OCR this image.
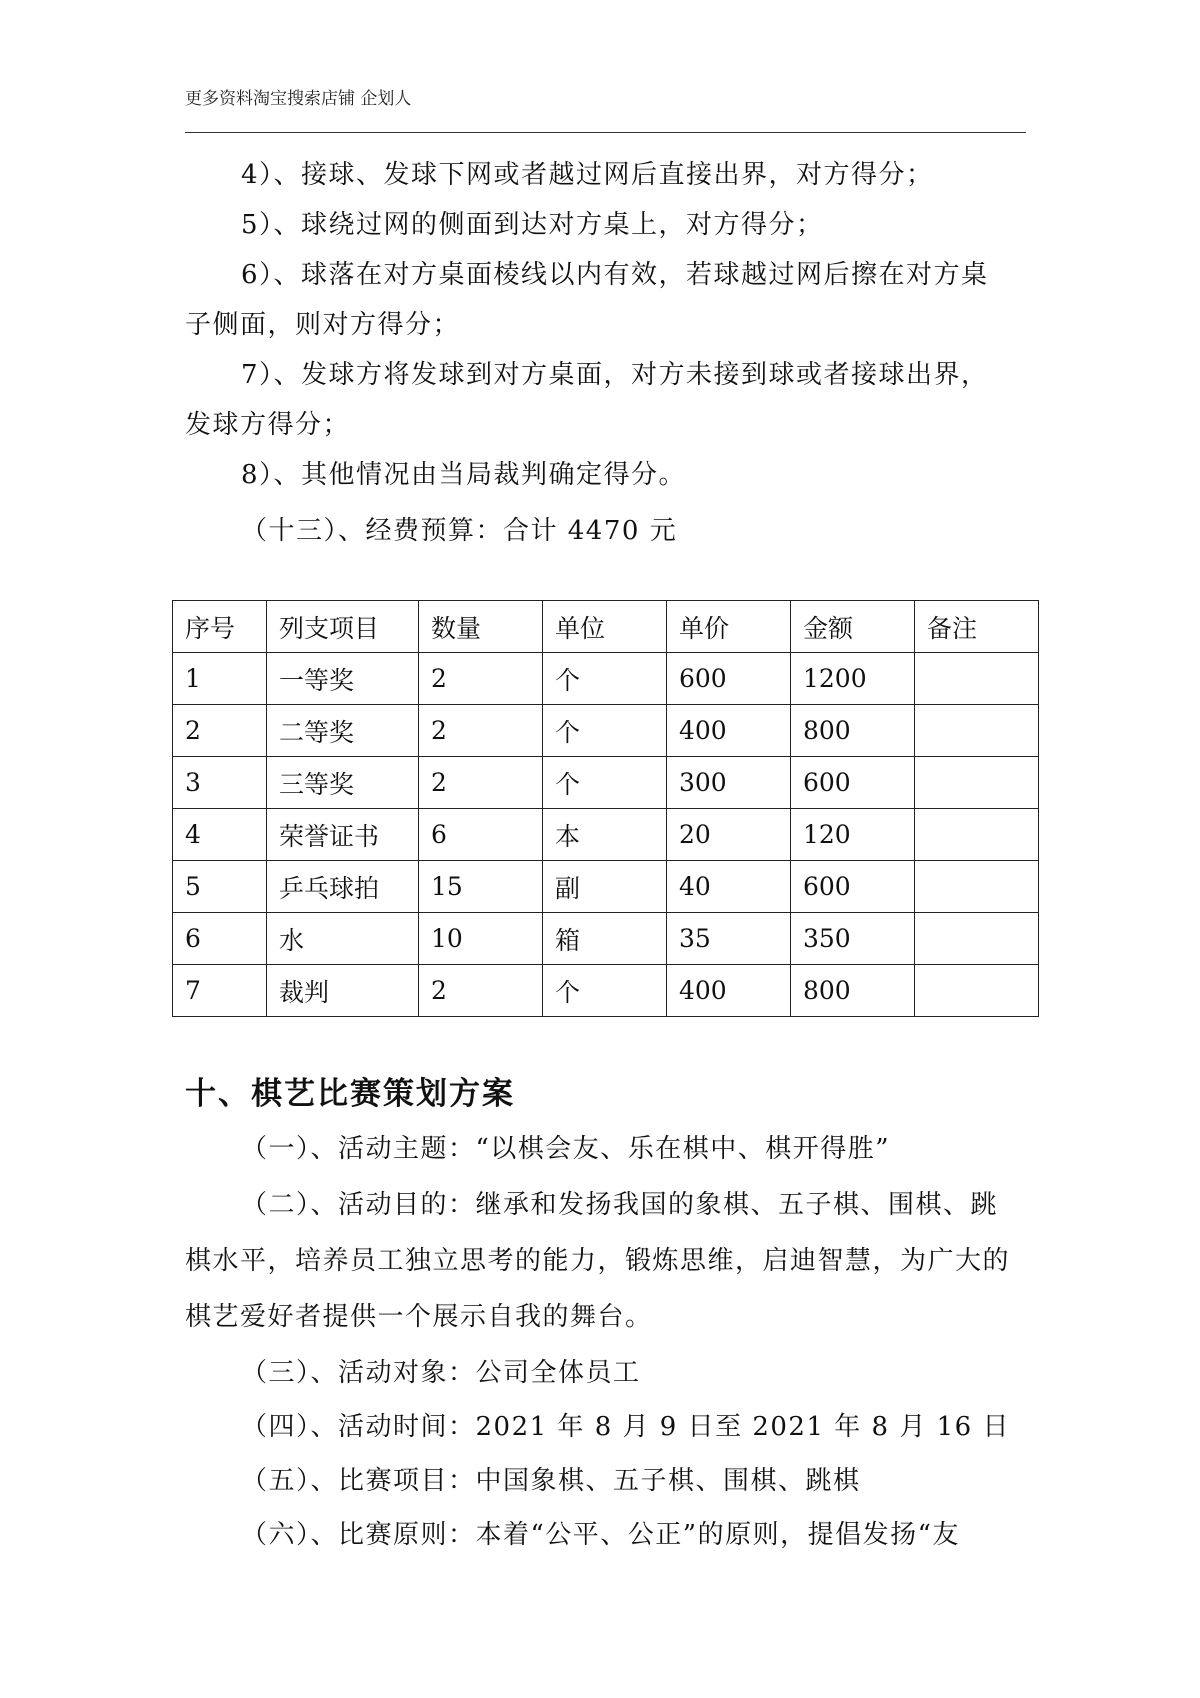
更多资料淘宝搜索店铺 企划人

4）、接球、发球下网或者越过网后直接出界，对方得分；

5）、球绕过网的侧面到达对方桌上，对方得分；

6）、球落在对方桌面棱线以内有效，若球越过网后擦在对方桌

子侧面，则对方得分；

7）、发球方将发球到对方桌面，对方未接到球或者接球出界，

发球方得分；

8）、其他情况由当局裁判确定得分。

（十三）、经费预算：合计 4470 元

序号	列支项目	数量	单位	单价	金额	备注
1	一等奖	2	个	600	1200	
2	二等奖	2	个	400	800	
3	三等奖	2	个	300	600	
4	荣誉证书	6	本	20	120	
5	乒乓球拍	15	副	40	600	
6	水	10	箱	35	350	
7	裁判	2	个	400	800	
十、棋艺比赛策划方案

（一）、活动主题：“以棋会友、乐在棋中、棋开得胜”

（二）、活动目的：继承和发扬我国的象棋、五子棋、围棋、跳

棋水平，培养员工独立思考的能力，锻炼思维，启迪智慧，为广大的

棋艺爱好者提供一个展示自我的舞台。

（三）、活动对象：公司全体员工

（四）、活动时间：2021 年 8 月 9 日至 2021 年 8 月 16 日

（五）、比赛项目：中国象棋、五子棋、围棋、跳棋

（六）、比赛原则：本着“公平、公正”的原则，提倡发扬“友
